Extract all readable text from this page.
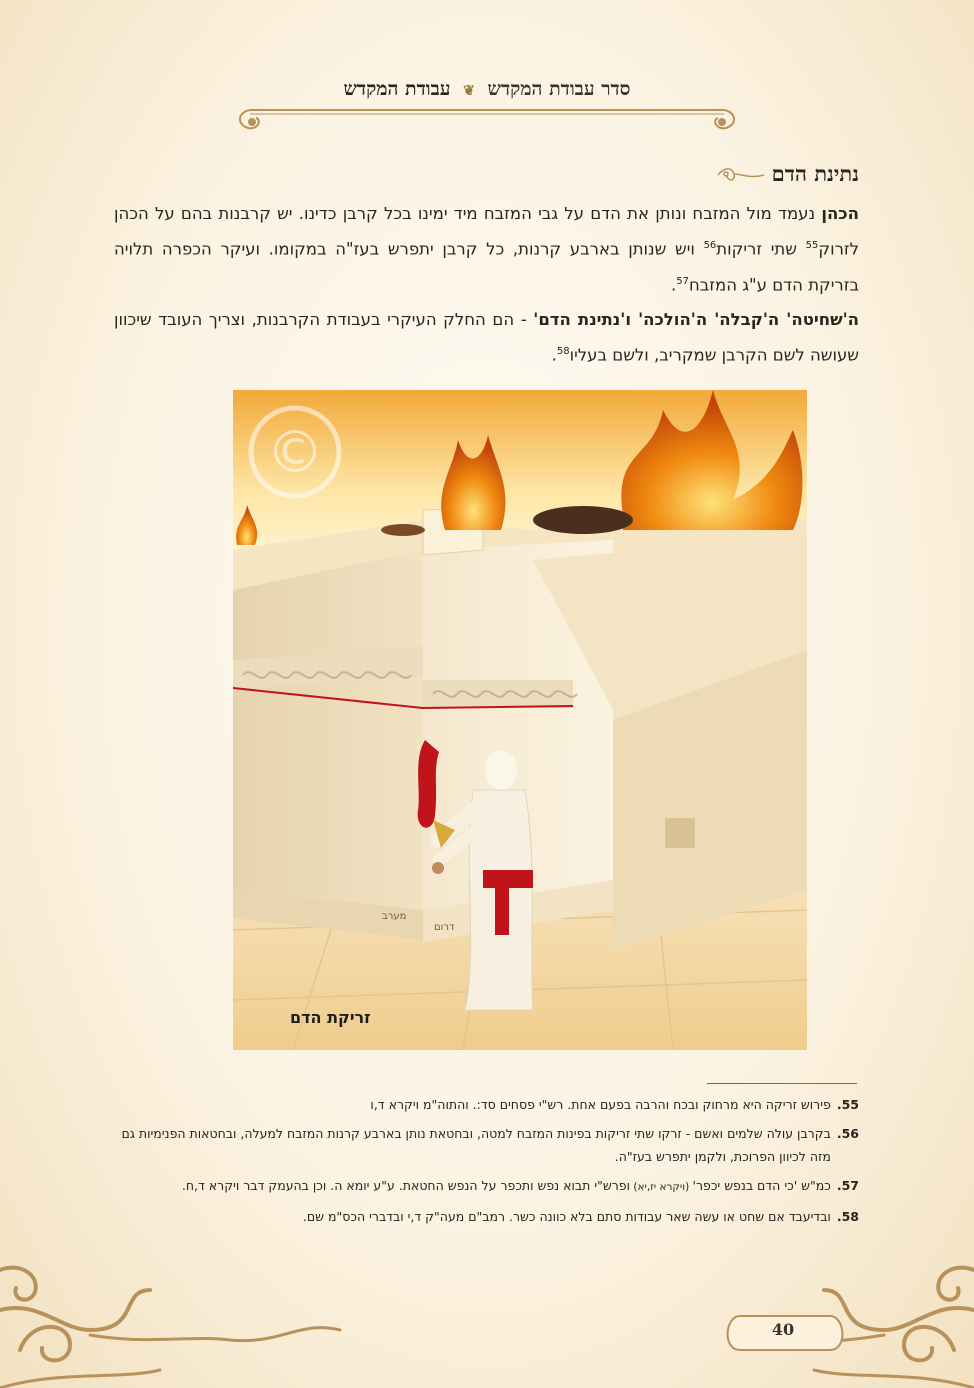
סדר עבודת המקדש ❦ עבודת המקדש
נתינת הדם
הכהן נעמד מול המזבח ונותן את הדם על גבי המזבח מיד ימינו בכל קרבן כדינו. יש קרבנות בהם על הכהן לזרוק$^{55}$ שתי זריקות$^{56}$ ויש שנותן בארבע קרנות, כל קרבן יתפרש בעז"ה במקומו. ועיקר הכפרה תלויה בזריקת הדם ע"ג המזבח$^{57}$.
ה'שחיטה' ה'קבלה' ה'הולכה' ו'נתינת הדם' - הם החלק העיקרי בעבודת הקרבנות, וצריך העובד שיכוון שעושה לשם הקרבן שמקריב, ולשם בעליו$^{58}$.
©
דרום
מערב
זריקת הדם
55.
פירוש זריקה היא מרחוק ובכח והרבה בפעם אחת. רש"י פסחים סד:. והתוה"מ ויקרא ד,ו
56.
בקרבן עולה שלמים ואשם - זרקו שתי זריקות בפינות המזבח למטה, ובחטאת נותן בארבע קרנות המזבח למעלה, ובחטאות הפנימיות גם מזה לכיוון הפרוכת, ולקמן יתפרש בעז"ה.
57.
כמ"ש 'כי הדם בנפש יכפר' (ויקרא יז,יא) ופרש"י תבוא נפש ותכפר על הנפש החטאת. ע"ע יומא ה. וכן בהעמק דבר ויקרא ד,ח.
58.
ובדיעבד אם שחט או עשה שאר עבודות סתם בלא כוונה כשר. רמב"ם מעה"ק ד,י ובדברי הכס"מ שם.
40
